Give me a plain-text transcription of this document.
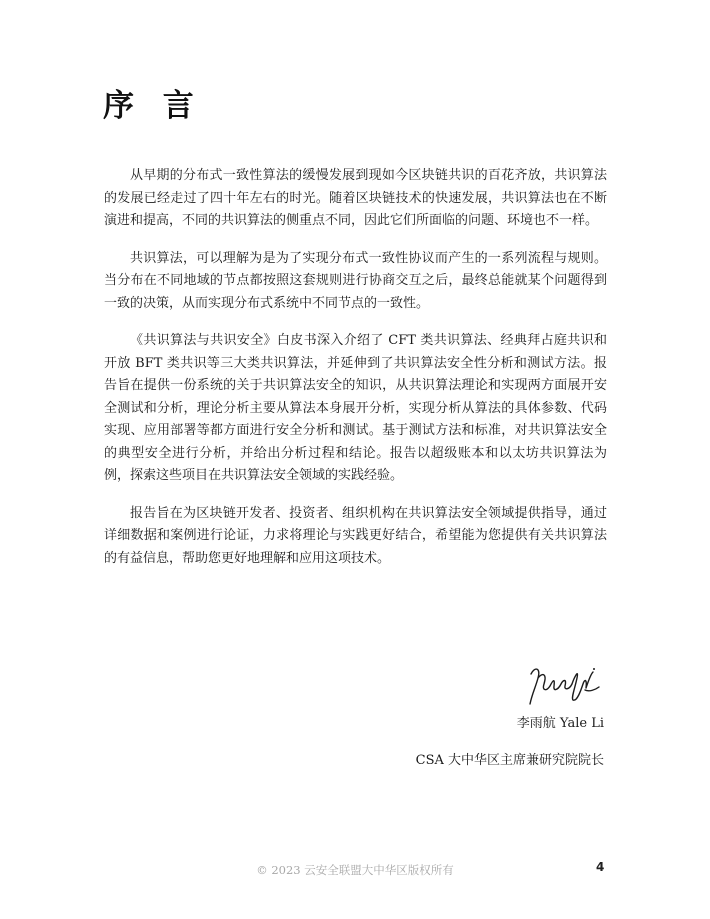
序 言

从早期的分布式一致性算法的缓慢发展到现如今区块链共识的百花齐放，共识算法的发展已经走过了四十年左右的时光。随着区块链技术的快速发展，共识算法也在不断演进和提高，不同的共识算法的侧重点不同，因此它们所面临的问题、环境也不一样。

共识算法，可以理解为是为了实现分布式一致性协议而产生的一系列流程与规则。当分布在不同地域的节点都按照这套规则进行协商交互之后，最终总能就某个问题得到一致的决策，从而实现分布式系统中不同节点的一致性。

《共识算法与共识安全》白皮书深入介绍了 CFT 类共识算法、经典拜占庭共识和开放 BFT 类共识等三大类共识算法，并延伸到了共识算法安全性分析和测试方法。报告旨在提供一份系统的关于共识算法安全的知识，从共识算法理论和实现两方面展开安全测试和分析，理论分析主要从算法本身展开分析，实现分析从算法的具体参数、代码实现、应用部署等都方面进行安全分析和测试。基于测试方法和标准，对共识算法安全的典型安全进行分析，并给出分析过程和结论。报告以超级账本和以太坊共识算法为例，探索这些项目在共识算法安全领域的实践经验。

报告旨在为区块链开发者、投资者、组织机构在共识算法安全领域提供指导，通过详细数据和案例进行论证，力求将理论与实践更好结合，希望能为您提供有关共识算法的有益信息，帮助您更好地理解和应用这项技术。

李雨航 Yale Li
CSA 大中华区主席兼研究院院长
© 2023 云安全联盟大中华区版权所有	4
